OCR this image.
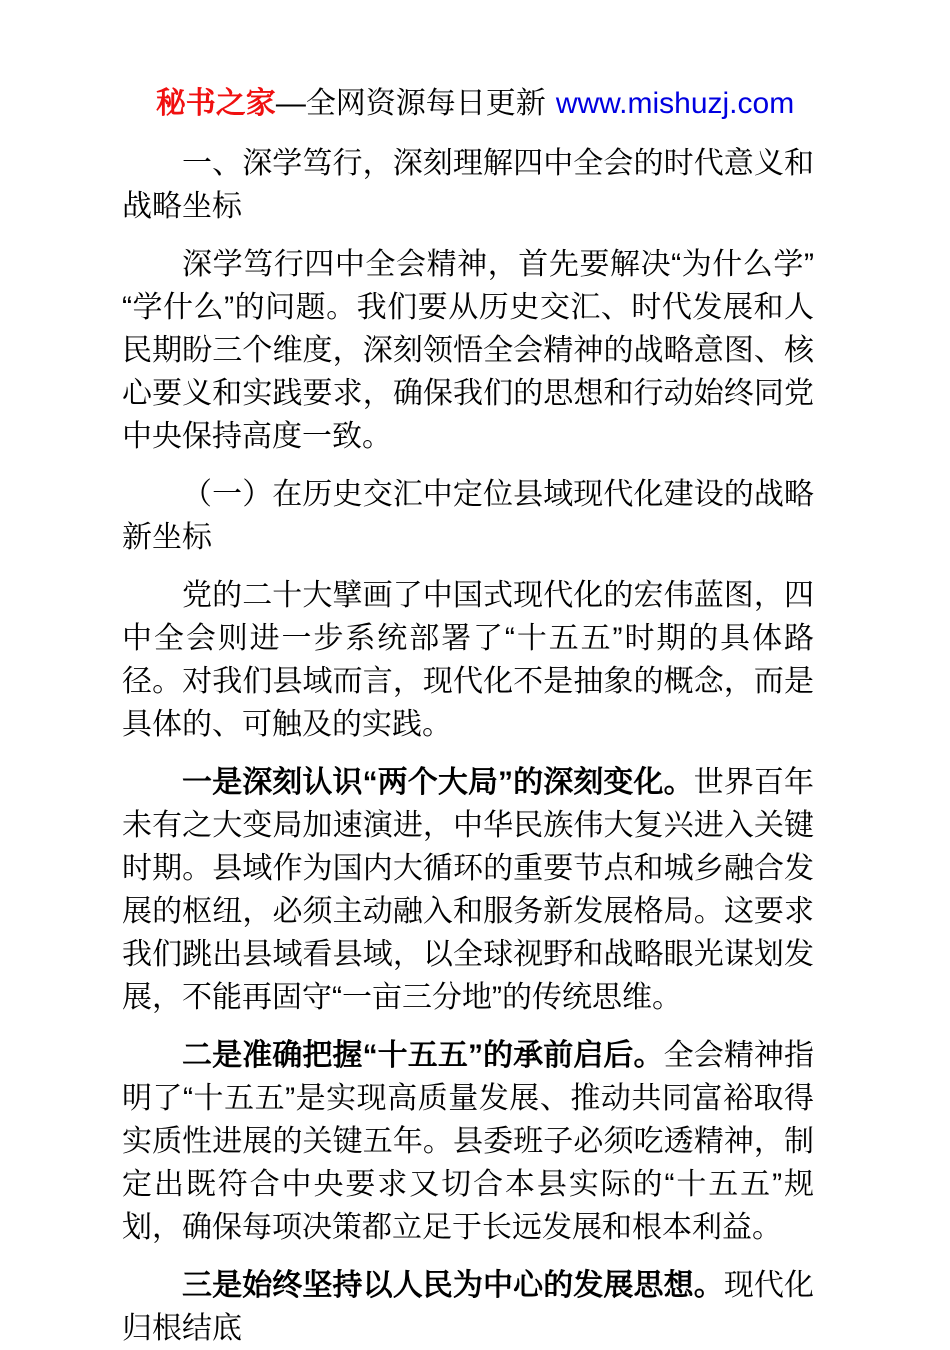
秘书之家—全网资源每日更新 www.mishuzj.com

一、深学笃行，深刻理解四中全会的时代意义和战略坐标

深学笃行四中全会精神，首先要解决“为什么学”“学什么”的问题。我们要从历史交汇、时代发展和人民期盼三个维度，深刻领悟全会精神的战略意图、核心要义和实践要求，确保我们的思想和行动始终同党中央保持高度一致。

（一）在历史交汇中定位县域现代化建设的战略新坐标

党的二十大擘画了中国式现代化的宏伟蓝图，四中全会则进一步系统部署了“十五五”时期的具体路径。对我们县域而言，现代化不是抽象的概念，而是具体的、可触及的实践。

一是深刻认识“两个大局”的深刻变化。世界百年未有之大变局加速演进，中华民族伟大复兴进入关键时期。县域作为国内大循环的重要节点和城乡融合发展的枢纽，必须主动融入和服务新发展格局。这要求我们跳出县域看县域，以全球视野和战略眼光谋划发展，不能再固守“一亩三分地”的传统思维。

二是准确把握“十五五”的承前启后。全会精神指明了“十五五”是实现高质量发展、推动共同富裕取得实质性进展的关键五年。县委班子必须吃透精神，制定出既符合中央要求又切合本县实际的“十五五”规划，确保每项决策都立足于长远发展和根本利益。

三是始终坚持以人民为中心的发展思想。现代化归根结底
